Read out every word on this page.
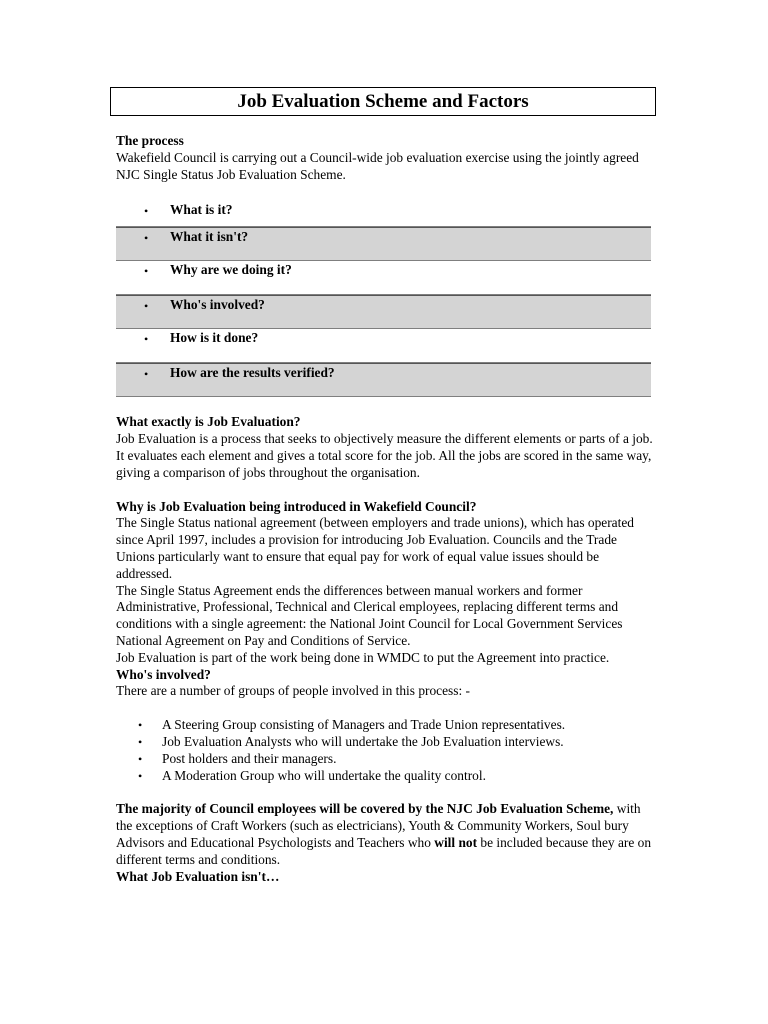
Job Evaluation Scheme and Factors

The process

Wakefield Council is carrying out a Council-wide job evaluation exercise using the jointly agreed NJC Single Status Job Evaluation Scheme.

• What is it?
• What it isn't?
• Why are we doing it?
• Who's involved?
• How is it done?
• How are the results verified?

What exactly is Job Evaluation?

Job Evaluation is a process that seeks to objectively measure the different elements or parts of a job. It evaluates each element and gives a total score for the job. All the jobs are scored in the same way, giving a comparison of jobs throughout the organisation.

Why is Job Evaluation being introduced in Wakefield Council?

The Single Status national agreement (between employers and trade unions), which has operated since April 1997, includes a provision for introducing Job Evaluation. Councils and the Trade Unions particularly want to ensure that equal pay for work of equal value issues should be addressed.

The Single Status Agreement ends the differences between manual workers and former Administrative, Professional, Technical and Clerical employees, replacing different terms and conditions with a single agreement: the National Joint Council for Local Government Services National Agreement on Pay and Conditions of Service.

Job Evaluation is part of the work being done in WMDC to put the Agreement into practice.

Who's involved?

There are a number of groups of people involved in this process: -

• A Steering Group consisting of Managers and Trade Union representatives.
• Job Evaluation Analysts who will undertake the Job Evaluation interviews.
• Post holders and their managers.
• A Moderation Group who will undertake the quality control.

The majority of Council employees will be covered by the NJC Job Evaluation Scheme, with the exceptions of Craft Workers (such as electricians), Youth & Community Workers, Soul bury Advisors and Educational Psychologists and Teachers who will not be included because they are on different terms and conditions.

What Job Evaluation isn't…
